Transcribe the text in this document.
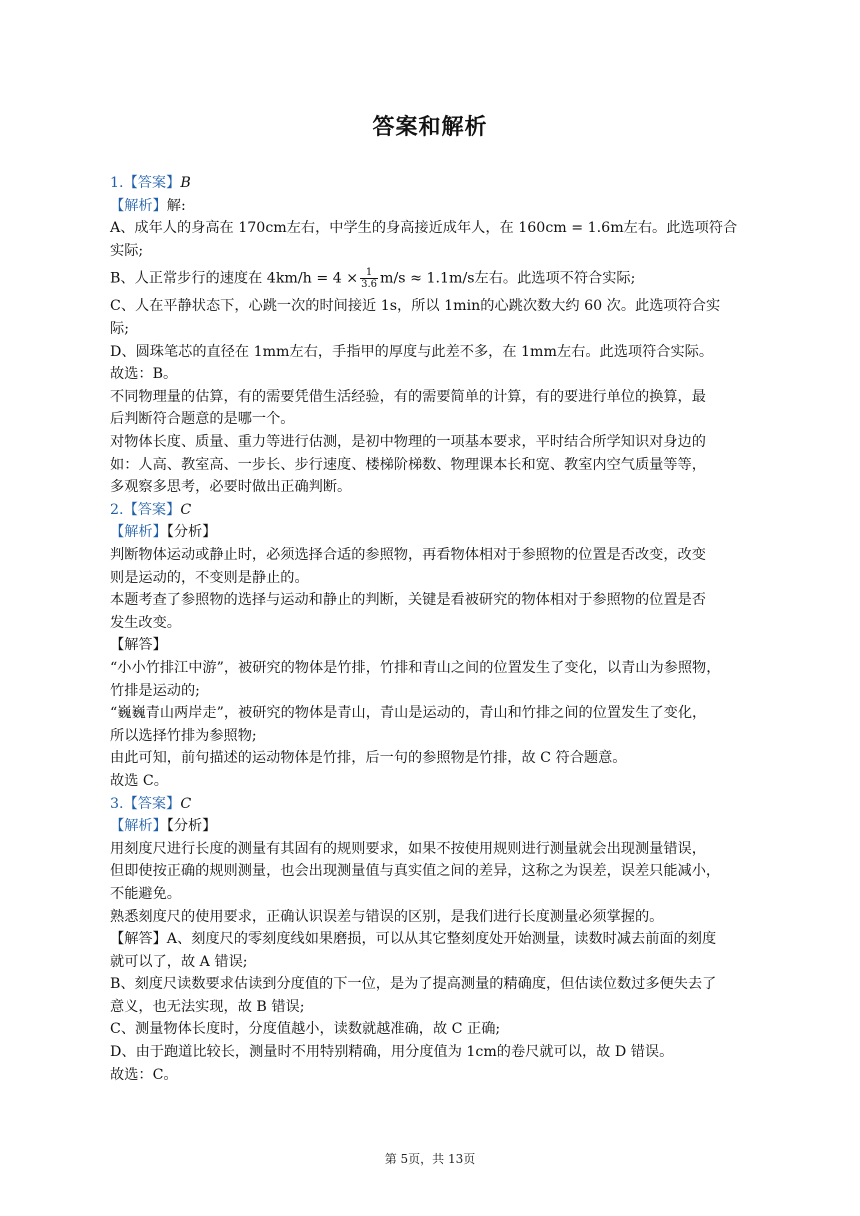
答案和解析
1.【答案】B
【解析】解:
A、成年人的身高在 170cm左右，中学生的身高接近成年人，在 160cm = 1.6m左右。此选项符合
实际;
B、人正常步行的速度在 $4km/h = 4 \times \frac{1}{3.6} m/s \approx 1.1m/s$左右。此选项不符合实际;
C、人在平静状态下，心跳一次的时间接近 1s，所以 1min的心跳次数大约 60 次。此选项符合实
际;
D、圆珠笔芯的直径在 1mm左右，手指甲的厚度与此差不多，在 1mm左右。此选项符合实际。
故选：B。
不同物理量的估算，有的需要凭借生活经验，有的需要简单的计算，有的要进行单位的换算，最
后判断符合题意的是哪一个。
对物体长度、质量、重力等进行估测，是初中物理的一项基本要求，平时结合所学知识对身边的
如：人高、教室高、一步长、步行速度、楼梯阶梯数、物理课本长和宽、教室内空气质量等等，
多观察多思考，必要时做出正确判断。
2.【答案】C
【解析】【分析】
判断物体运动或静止时，必须选择合适的参照物，再看物体相对于参照物的位置是否改变，改变
则是运动的，不变则是静止的。
本题考查了参照物的选择与运动和静止的判断，关键是看被研究的物体相对于参照物的位置是否
发生改变。
【解答】
“小小竹排江中游”，被研究的物体是竹排，竹排和青山之间的位置发生了变化，以青山为参照物，
竹排是运动的;
“巍巍青山两岸走”，被研究的物体是青山，青山是运动的，青山和竹排之间的位置发生了变化，
所以选择竹排为参照物;
由此可知，前句描述的运动物体是竹排，后一句的参照物是竹排，故 C 符合题意。
故选 C。
3.【答案】C
【解析】【分析】
用刻度尺进行长度的测量有其固有的规则要求，如果不按使用规则进行测量就会出现测量错误，
但即使按正确的规则测量，也会出现测量值与真实值之间的差异，这称之为误差，误差只能减小，
不能避免。
熟悉刻度尺的使用要求，正确认识误差与错误的区别，是我们进行长度测量必须掌握的。
【解答】A、刻度尺的零刻度线如果磨损，可以从其它整刻度处开始测量，读数时减去前面的刻度
就可以了，故 A 错误;
B、刻度尺读数要求估读到分度值的下一位，是为了提高测量的精确度，但估读位数过多便失去了
意义，也无法实现，故 B 错误;
C、测量物体长度时，分度值越小，读数就越准确，故 C 正确;
D、由于跑道比较长，测量时不用特别精确，用分度值为 1cm的卷尺就可以，故 D 错误。
故选：C。
第 5页，共 13页
